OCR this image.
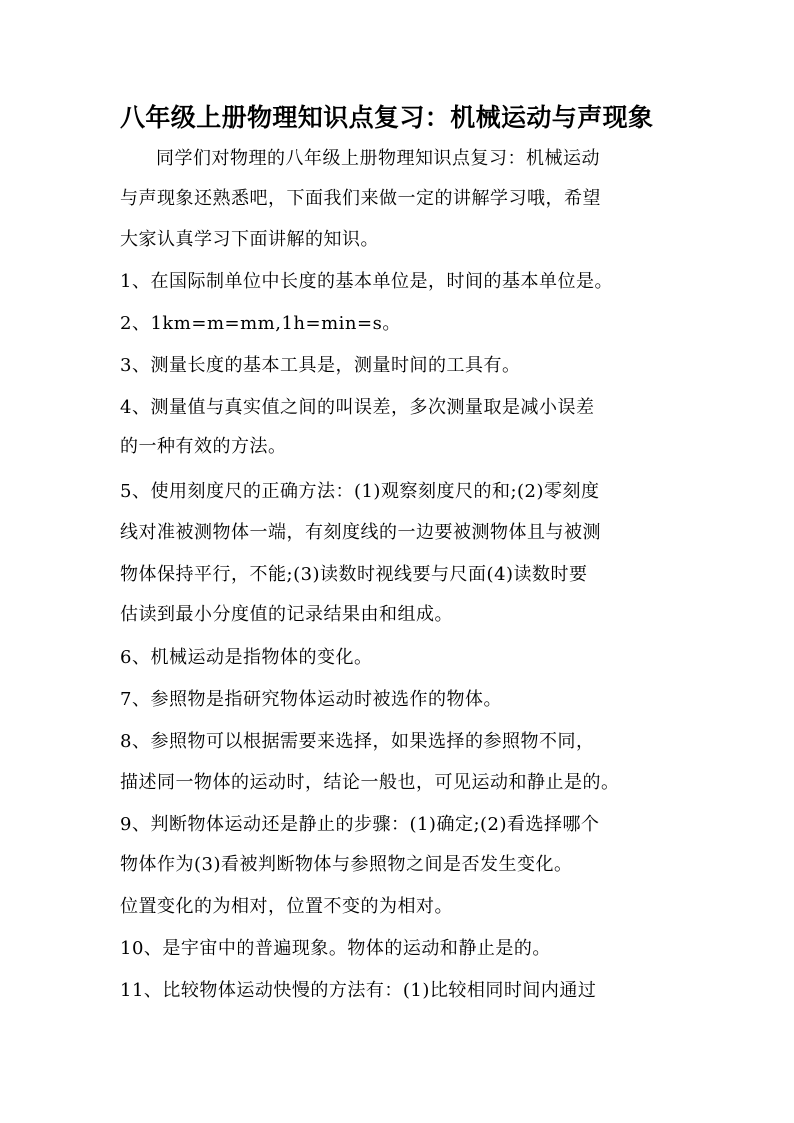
八年级上册物理知识点复习：机械运动与声现象

同学们对物理的八年级上册物理知识点复习：机械运动

与声现象还熟悉吧，下面我们来做一定的讲解学习哦，希望

大家认真学习下面讲解的知识。

1、在国际制单位中长度的基本单位是，时间的基本单位是。

2、1km=m=mm,1h=min=s。

3、测量长度的基本工具是，测量时间的工具有。

4、测量值与真实值之间的叫误差，多次测量取是减小误差

的一种有效的方法。

5、使用刻度尺的正确方法：(1)观察刻度尺的和;(2)零刻度

线对准被测物体一端，有刻度线的一边要被测物体且与被测

物体保持平行，不能;(3)读数时视线要与尺面(4)读数时要

估读到最小分度值的记录结果由和组成。

6、机械运动是指物体的变化。

7、参照物是指研究物体运动时被选作的物体。

8、参照物可以根据需要来选择，如果选择的参照物不同，

描述同一物体的运动时，结论一般也，可见运动和静止是的。

9、判断物体运动还是静止的步骤：(1)确定;(2)看选择哪个

物体作为(3)看被判断物体与参照物之间是否发生变化。

位置变化的为相对，位置不变的为相对。

10、是宇宙中的普遍现象。物体的运动和静止是的。

11、比较物体运动快慢的方法有：(1)比较相同时间内通过
